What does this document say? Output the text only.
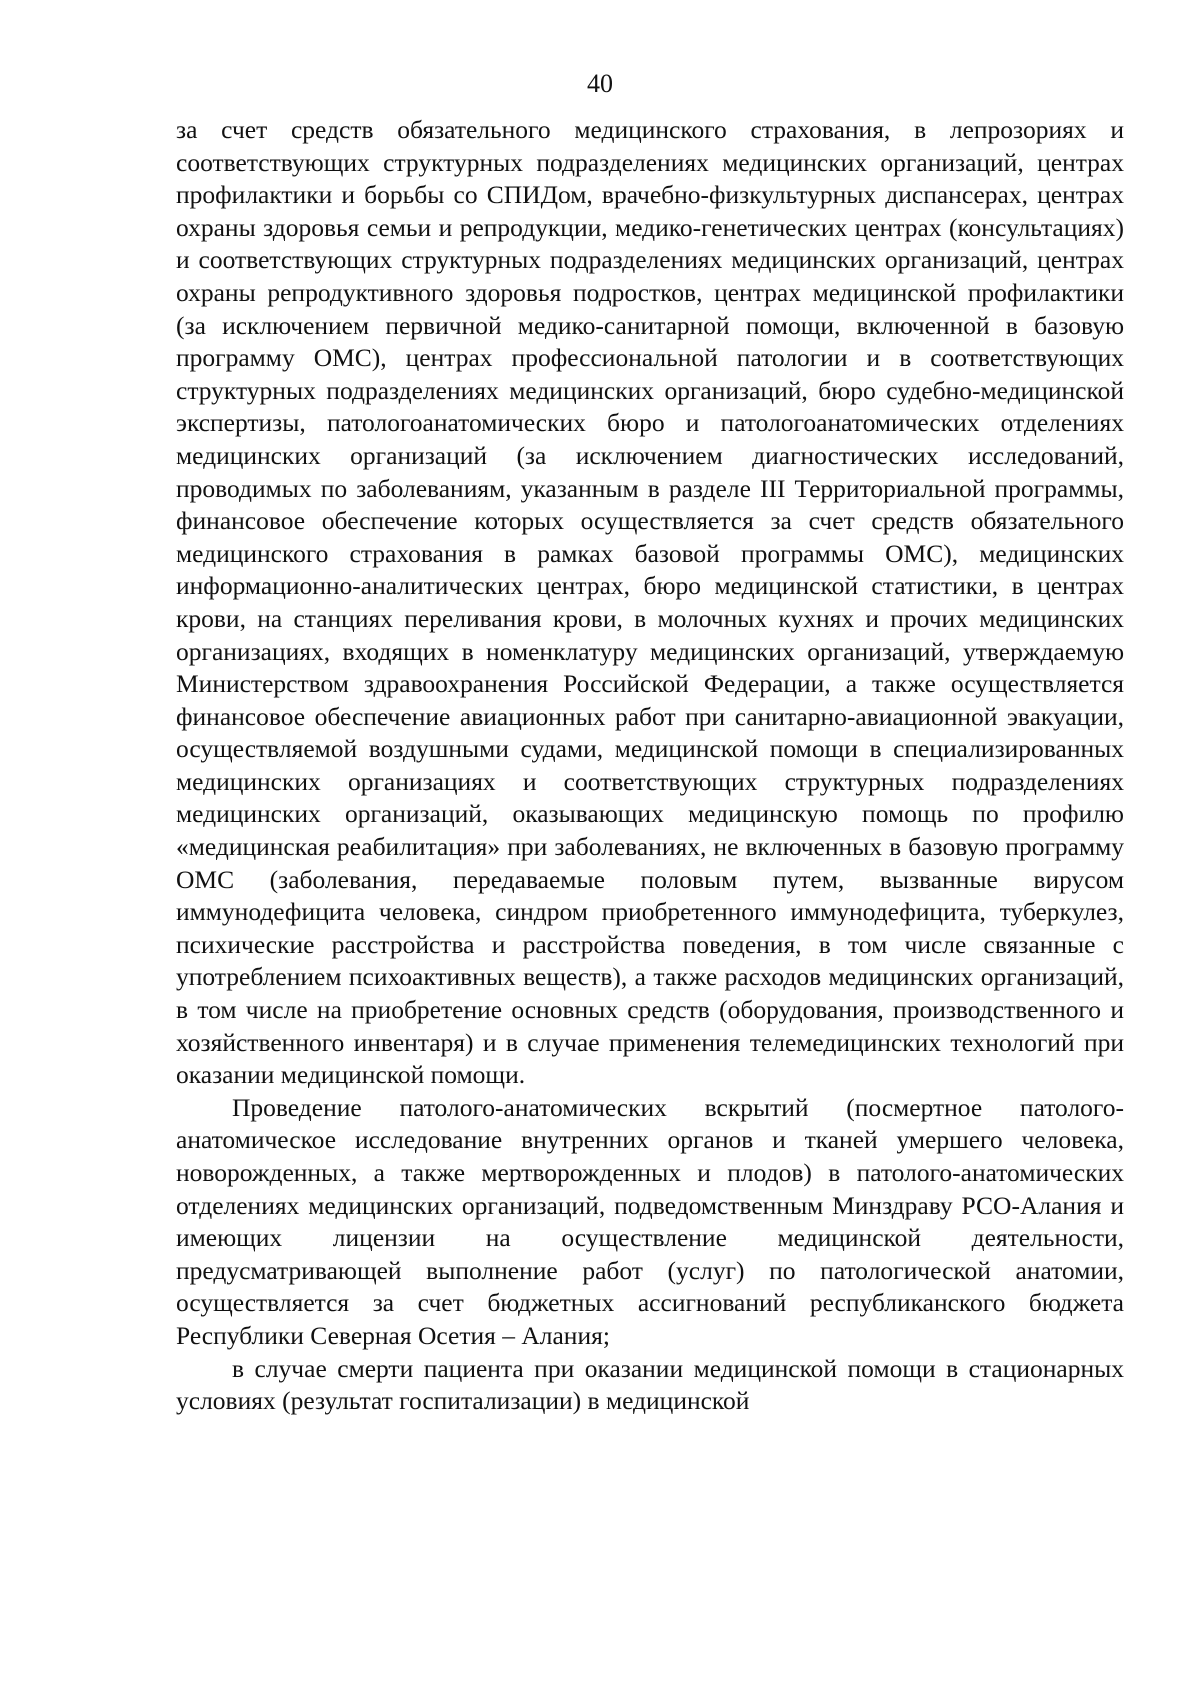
40

за счет средств обязательного медицинского страхования, в лепрозориях и соответствующих структурных подразделениях медицинских организаций, центрах профилактики и борьбы со СПИДом, врачебно-физкультурных диспансерах, центрах охраны здоровья семьи и репродукции, медико-генетических центрах (консультациях) и соответствующих структурных подразделениях медицинских организаций, центрах охраны репродуктивного здоровья подростков, центрах медицинской профилактики (за исключением первичной медико-санитарной помощи, включенной в базовую программу ОМС), центрах профессиональной патологии и в соответствующих структурных подразделениях медицинских организаций, бюро судебно-медицинской экспертизы, патологоанатомических бюро и патологоанатомических отделениях медицинских организаций (за исключением диагностических исследований, проводимых по заболеваниям, указанным в разделе III Территориальной программы, финансовое обеспечение которых осуществляется за счет средств обязательного медицинского страхования в рамках базовой программы ОМС), медицинских информационно-аналитических центрах, бюро медицинской статистики, в центрах крови, на станциях переливания крови, в молочных кухнях и прочих медицинских организациях, входящих в номенклатуру медицинских организаций, утверждаемую Министерством здравоохранения Российской Федерации, а также осуществляется финансовое обеспечение авиационных работ при санитарно-авиационной эвакуации, осуществляемой воздушными судами, медицинской помощи в специализированных медицинских организациях и соответствующих структурных подразделениях медицинских организаций, оказывающих медицинскую помощь по профилю «медицинская реабилитация» при заболеваниях, не включенных в базовую программу ОМС (заболевания, передаваемые половым путем, вызванные вирусом иммунодефицита человека, синдром приобретенного иммунодефицита, туберкулез, психические расстройства и расстройства поведения, в том числе связанные с употреблением психоактивных веществ), а также расходов медицинских организаций, в том числе на приобретение основных средств (оборудования, производственного и хозяйственного инвентаря) и в случае применения телемедицинских технологий при оказании медицинской помощи.

Проведение патолого-анатомических вскрытий (посмертное патолого-анатомическое исследование внутренних органов и тканей умершего человека, новорожденных, а также мертворожденных и плодов) в патолого-анатомических отделениях медицинских организаций, подведомственным Минздраву РСО-Алания и имеющих лицензии на осуществление медицинской деятельности, предусматривающей выполнение работ (услуг) по патологической анатомии, осуществляется за счет бюджетных ассигнований республиканского бюджета Республики Северная Осетия – Алания;

в случае смерти пациента при оказании медицинской помощи в стационарных условиях (результат госпитализации) в медицинской
